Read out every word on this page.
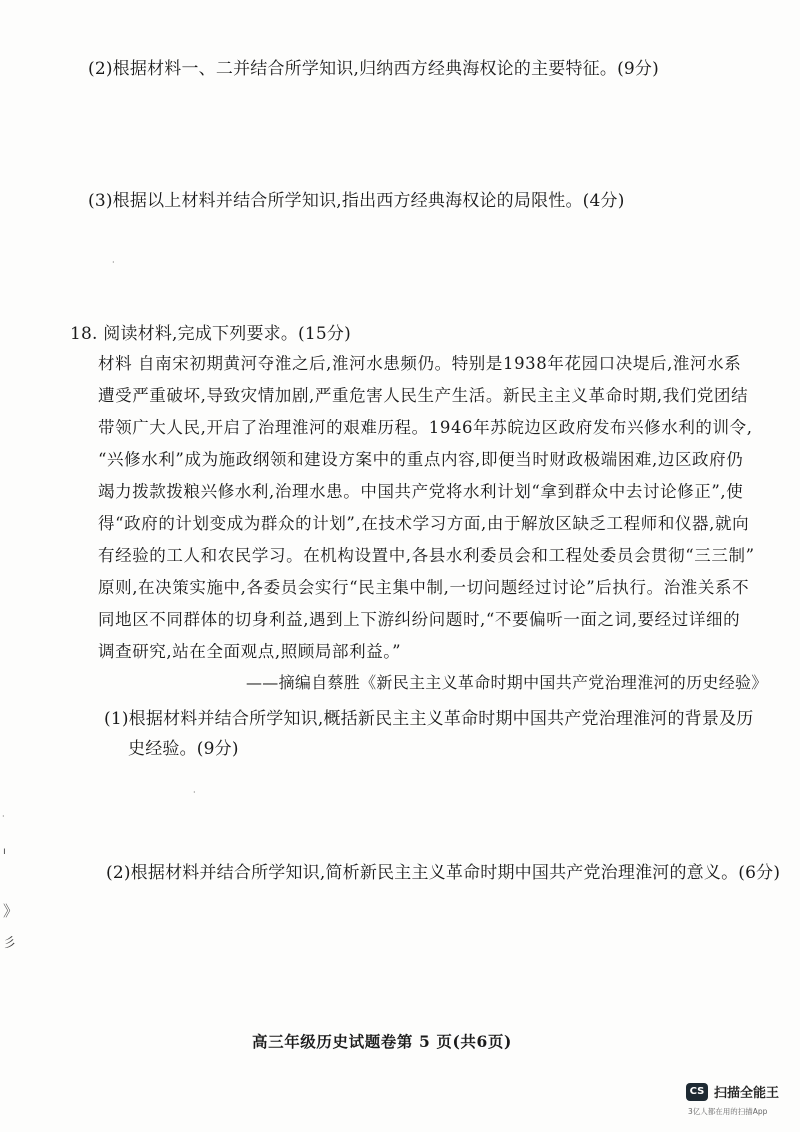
(2)根据材料一、二并结合所学知识,归纳西方经典海权论的主要特征。(9分)
(3)根据以上材料并结合所学知识,指出西方经典海权论的局限性。(4分)
18. 阅读材料,完成下列要求。(15分)
材料 自南宋初期黄河夺淮之后,淮河水患频仍。特别是1938年花园口决堤后,淮河水系
遭受严重破坏,导致灾情加剧,严重危害人民生产生活。新民主主义革命时期,我们党团结
带领广大人民,开启了治理淮河的艰难历程。1946年苏皖边区政府发布兴修水利的训令,
“兴修水利”成为施政纲领和建设方案中的重点内容,即便当时财政极端困难,边区政府仍
竭力拨款拨粮兴修水利,治理水患。中国共产党将水利计划“拿到群众中去讨论修正”,使
得“政府的计划变成为群众的计划”,在技术学习方面,由于解放区缺乏工程师和仪器,就向
有经验的工人和农民学习。在机构设置中,各县水利委员会和工程处委员会贯彻“三三制”
原则,在决策实施中,各委员会实行“民主集中制,一切问题经过讨论”后执行。治淮关系不
同地区不同群体的切身利益,遇到上下游纠纷问题时,“不要偏听一面之词,要经过详细的
调查研究,站在全面观点,照顾局部利益。”
——摘编自蔡胜《新民主主义革命时期中国共产党治理淮河的历史经验》
(1)根据材料并结合所学知识,概括新民主主义革命时期中国共产党治理淮河的背景及历
史经验。(9分)
(2)根据材料并结合所学知识,简析新民主主义革命时期中国共产党治理淮河的意义。(6分)
·
·
·
ı
》
彡
高三年级历史试题卷第 5 页(共6页)
CS 扫描全能王
3亿人都在用的扫描App
